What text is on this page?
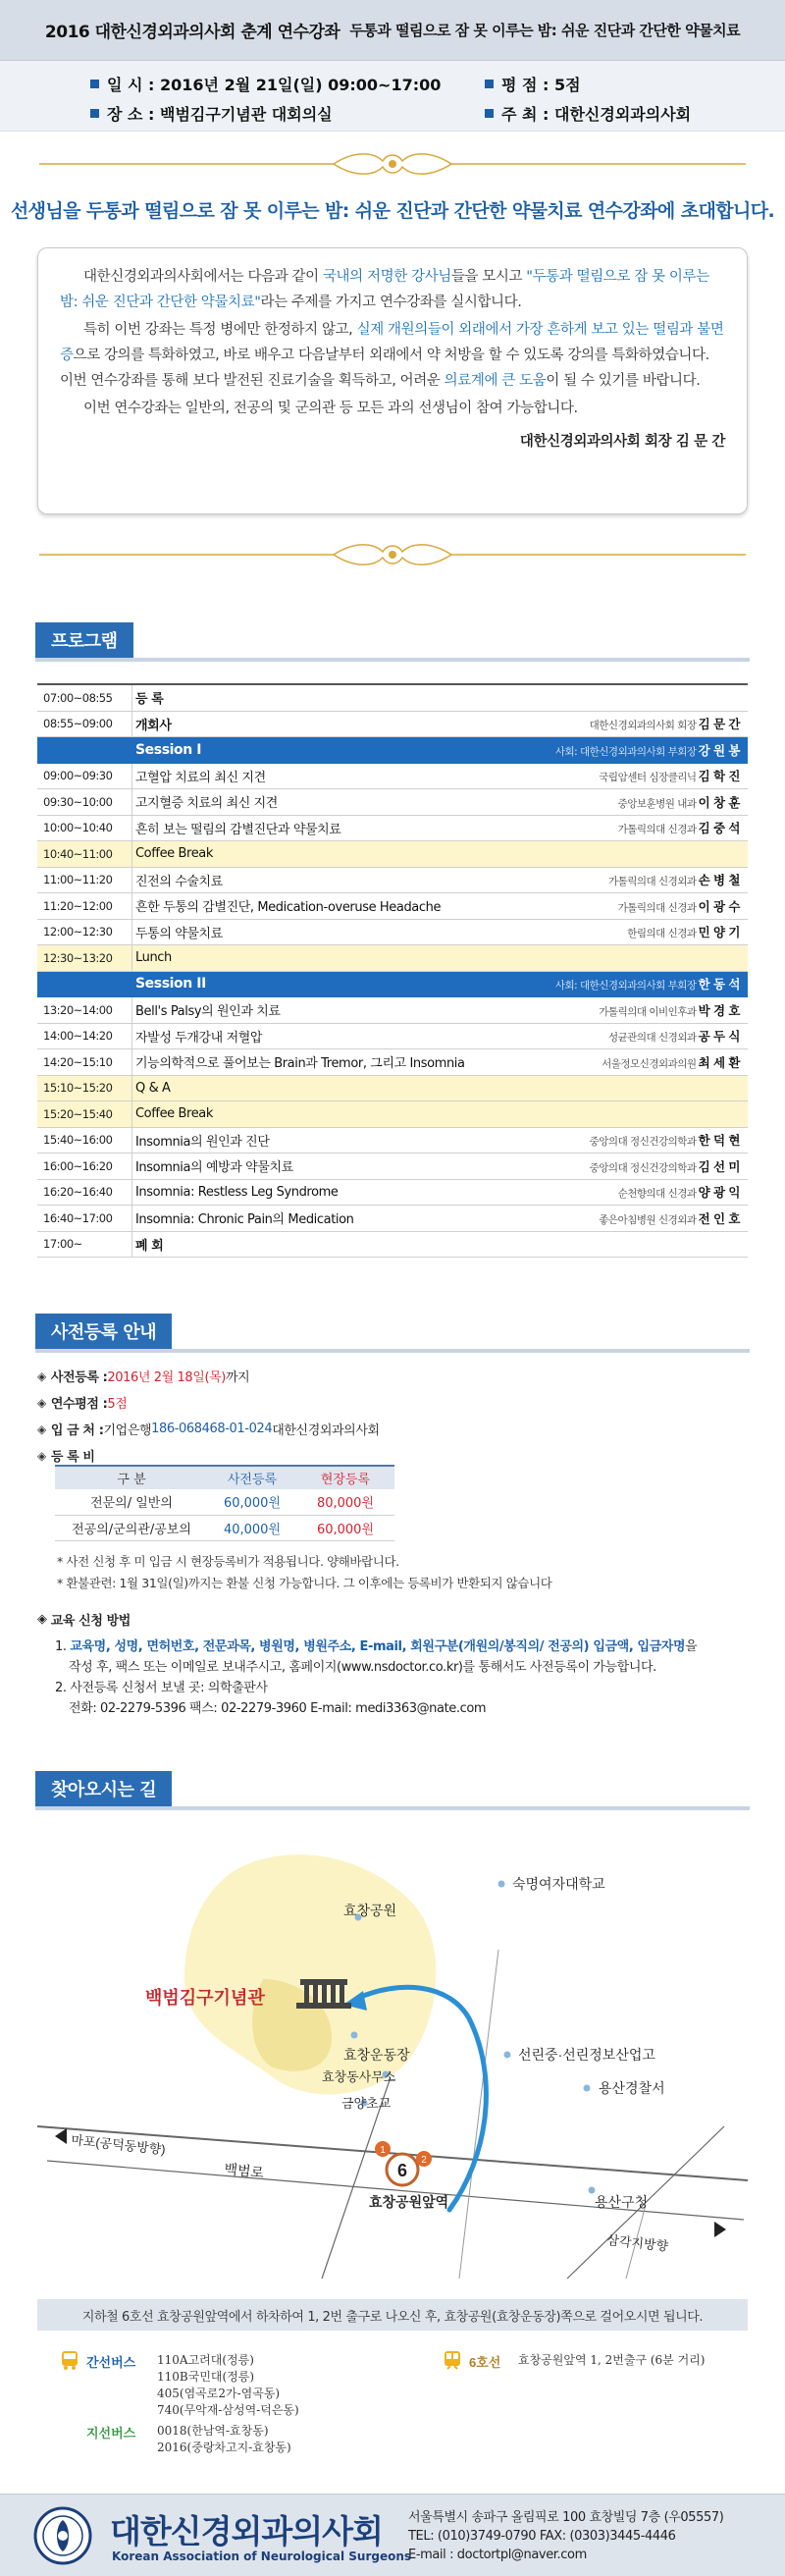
2016 대한신경외과의사회 춘계 연수강좌 두통과 떨림으로 잠 못 이루는 밤: 쉬운 진단과 간단한 약물치료
일 시 : 2016년 2월 21일(일) 09:00~17:00
장 소 : 백범김구기념관 대회의실
평 점 : 5점
주 최 : 대한신경외과의사회
선생님을 두통과 떨림으로 잠 못 이루는 밤: 쉬운 진단과 간단한 약물치료 연수강좌에 초대합니다.

대한신경외과의사회에서는 다음과 같이 국내의 저명한 강사님들을 모시고 "두통과 떨림으로 잠 못 이루는 밤: 쉬운 진단과 간단한 약물치료"라는 주제를 가지고 연수강좌를 실시합니다.

특히 이번 강좌는 특정 병에만 한정하지 않고, 실제 개원의들이 외래에서 가장 흔하게 보고 있는 떨림과 불면증으로 강의를 특화하였고, 바로 배우고 다음날부터 외래에서 약 처방을 할 수 있도록 강의를 특화하였습니다. 이번 연수강좌를 통해 보다 발전된 진료기술을 획득하고, 어려운 의료계에 큰 도움이 될 수 있기를 바랍니다.

이번 연수강좌는 일반의, 전공의 및 군의관 등 모든 과의 선생님이 참여 가능합니다.

대한신경외과의사회 회장 김 문 간

프로그램
07:00~08:55	등 록
08:55~09:00	개회사	대한신경외과의사회 회장 김 문 간
Session I	사회: 대한신경외과의사회 부회장 강 원 봉
09:00~09:30	고혈압 치료의 최신 지견	국립암센터 심장클리닉 김 학 진
09:30~10:00	고지혈증 치료의 최신 지견	중앙보훈병원 내과 이 창 훈
10:00~10:40	흔히 보는 떨림의 감별진단과 약물치료	가톨릭의대 신경과 김 중 석
10:40~11:00	Coffee Break
11:00~11:20	진전의 수술치료	가톨릭의대 신경외과 손 병 철
11:20~12:00	흔한 두통의 감별진단, Medication-overuse Headache	가톨릭의대 신경과 이 광 수
12:00~12:30	두통의 약물치료	한림의대 신경과 민 양 기
12:30~13:20	Lunch
Session II	사회: 대한신경외과의사회 부회장 한 동 석
13:20~14:00	Bell's Palsy의 원인과 치료	가톨릭의대 이비인후과 박 경 호
14:00~14:20	자발성 두개강내 저혈압	성균관의대 신경외과 공 두 식
14:20~15:10	기능의학적으로 풀어보는 Brain과 Tremor, 그리고 Insomnia	서울정모신경외과의원 최 세 환
15:10~15:20	Q & A
15:20~15:40	Coffee Break
15:40~16:00	Insomnia의 원인과 진단	중앙의대 정신건강의학과 한 덕 현
16:00~16:20	Insomnia의 예방과 약물치료	중앙의대 정신건강의학과 김 선 미
16:20~16:40	Insomnia: Restless Leg Syndrome	순천향의대 신경과 양 광 익
16:40~17:00	Insomnia: Chronic Pain의 Medication	좋은아침병원 신경외과 전 인 호
17:00~	폐 회
사전등록 안내
◈ 사전등록 : 2016년 2월 18일(목) 까지
◈ 연수평점 : 5점
◈ 입 금 처 : 기업은행 186-068468-01-024 대한신경외과의사회
◈ 등 록 비
구 분	사전등록	현장등록
전문의/ 일반의	60,000원	80,000원
전공의/군의관/공보의	40,000원	60,000원
* 사전 신청 후 미 입금 시 현장등록비가 적용됩니다. 양해바랍니다.
* 환불관련: 1월 31일(일)까지는 환불 신청 가능합니다. 그 이후에는 등록비가 반환되지 않습니다
◈ 교육 신청 방법
1. 교육명, 성명, 면허번호, 전문과목, 병원명, 병원주소, E-mail, 회원구분(개원의/봉직의/ 전공의) 입금액, 입금자명을
작성 후, 팩스 또는 이메일로 보내주시고, 홈페이지(www.nsdoctor.co.kr)를 통해서도 사전등록이 가능합니다.
2. 사전등록 신청서 보낼 곳: 의학출판사
전화: 02-2279-5396 팩스: 02-2279-3960 E-mail: medi3363@nate.com
찾아오시는 길
6
1
2
백범김구기념관
효창공원
숙명여자대학교
효창운동장
효창동사무소
선린중·선린정보산업고
금양초교
용산경찰서
마포(공덕동방향)
백범로
효창공원앞역	용산구청
삼각지방향
지하철 6호선 효창공원앞역에서 하차하여 1, 2번 출구로 나오신 후, 효창공원(효창운동장)쪽으로 걸어오시면 됩니다.
간선버스 110A고려대(정릉)
110B국민대(정릉)
405(염곡로2가-염곡동)
740(무악재-삼성역-덕은동)
지선버스 0018(한남역-효창동)
2016(중랑차고지-효창동)
6호선 효창공원앞역 1, 2번출구 (6분 거리)
대한신경외과의사회
Korean Association of Neurological Surgeons
서울특별시 송파구 올림픽로 100 효창빌딩 7층 (우05557)
TEL: (010)3749-0790 FAX: (0303)3445-4446
E-mail : doctortpl@naver.com
